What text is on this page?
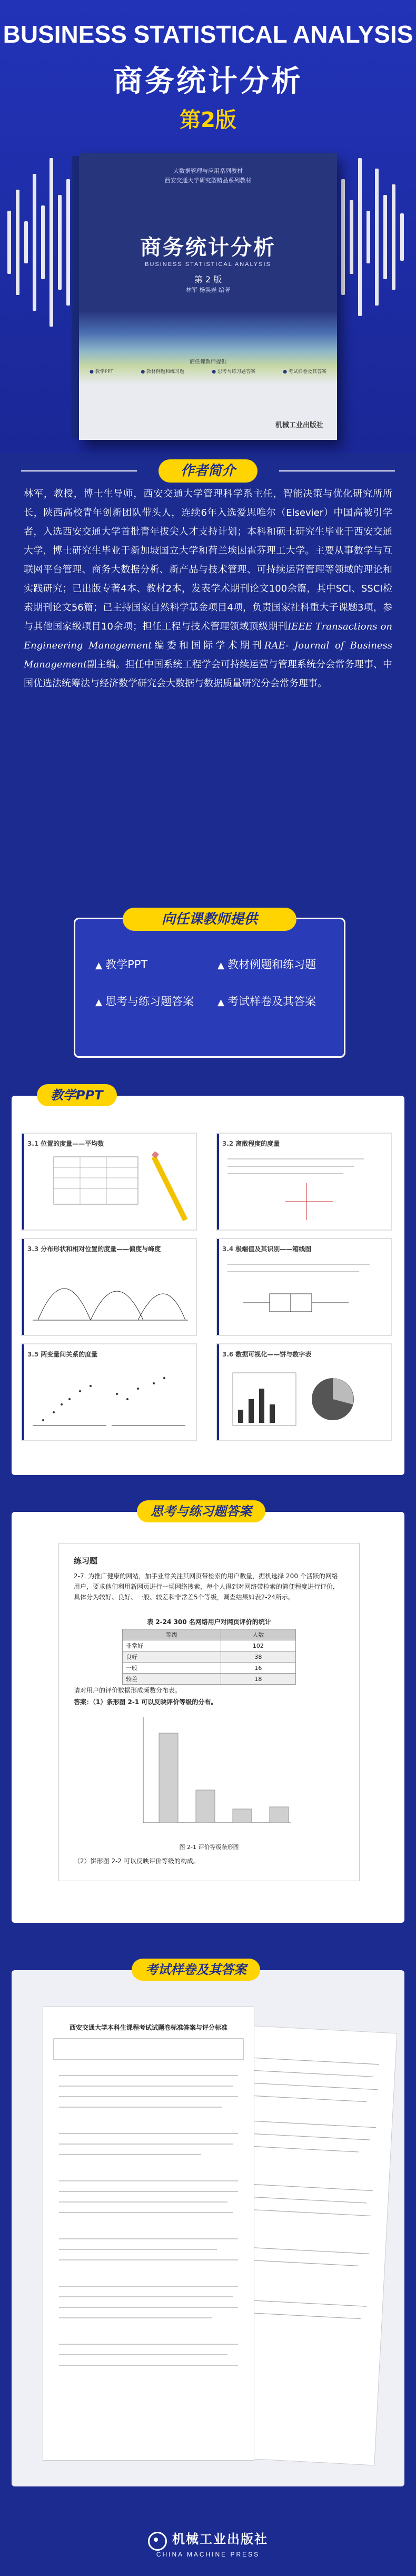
BUSINESS STATISTICAL ANALYSIS
商务统计分析
第2版
大数据管理与应用系列教材
西安交通大学研究型精品系列教材
商务统计分析
BUSINESS STATISTICAL ANALYSIS
第 2 版
林军 杨涣尧 编著
商任课教师提供
● 教学PPT	● 教材例题和练习题	● 思考与练习题答案	● 考试样卷及其答案
机械工业出版社
作者简介
林军，教授，博士生导师，西安交通大学管理科学系主任，智能决策与优化研究所所长，陕西高校青年创新团队带头人，连续6年入选爱思唯尔（Elsevier）中国高被引学者，入选西安交通大学首批青年拔尖人才支持计划；本科和硕士研究生毕业于西安交通大学，博士研究生毕业于新加坡国立大学和荷兰埃因霍芬理工大学。主要从事数学与互联网平台管理、商务大数据分析、新产品与技术管理、可持续运营管理等领域的理论和实践研究；已出版专著4本、教材2本，发表学术期刊论文100余篇，其中SCI、SSCI检索期刊论文56篇；已主持国家自然科学基金项目4项，负责国家社科重大子课题3项，参与其他国家级项目10余项；担任工程与技术管理领域顶级期刊IEEE Transactions on Engineering Management编委和国际学术期刊RAE- Journal of Business Management副主编。担任中国系统工程学会可持续运营与管理系统分会常务理事、中国优选法统筹法与经济数学研究会大数据与数据质量研究分会常务理事。
向任课教师提供
▲ 教学PPT	▲ 教材例题和练习题
▲ 思考与练习题答案	▲ 考试样卷及其答案
3.1 位置的度量——平均数	3.2 离散程度的度量
3.3 分布形状和相对位置的度量——偏度与峰度	3.4 极端值及其识别——箱线图
3.5 两变量间关系的度量	3.6 数据可视化——饼与数字表
教学PPT
练习题
2-7. 为推广健康的网站，加手业常关注其网页带检索的用户数量，据机选择 200 个活跃的网络用户，要求他们利用新网页进行一场网络搜索，每个人得到对网络带检索的简便程度进行评价，具体分为较好、良好、一般、较差和非常差5个等级，调查结果如表2-24所示。
表 2-24 300 名网络用户对网页评价的统计
等级	人数
非常好	102
良好	38
一般	16
较差	18
请对用户的评价数据形成频数分布表。
答案：（1）条形图 2-1 可以反映评价等级的分布。
图 2-1 评价等级条形图
（2）饼形图 2-2 可以反映评价等级的构成。
思考与练习题答案
西安交通大学本科生课程考试试题卷标准答案与评分标准
考试样卷及其答案
机械工业出版社
CHINA MACHINE PRESS
